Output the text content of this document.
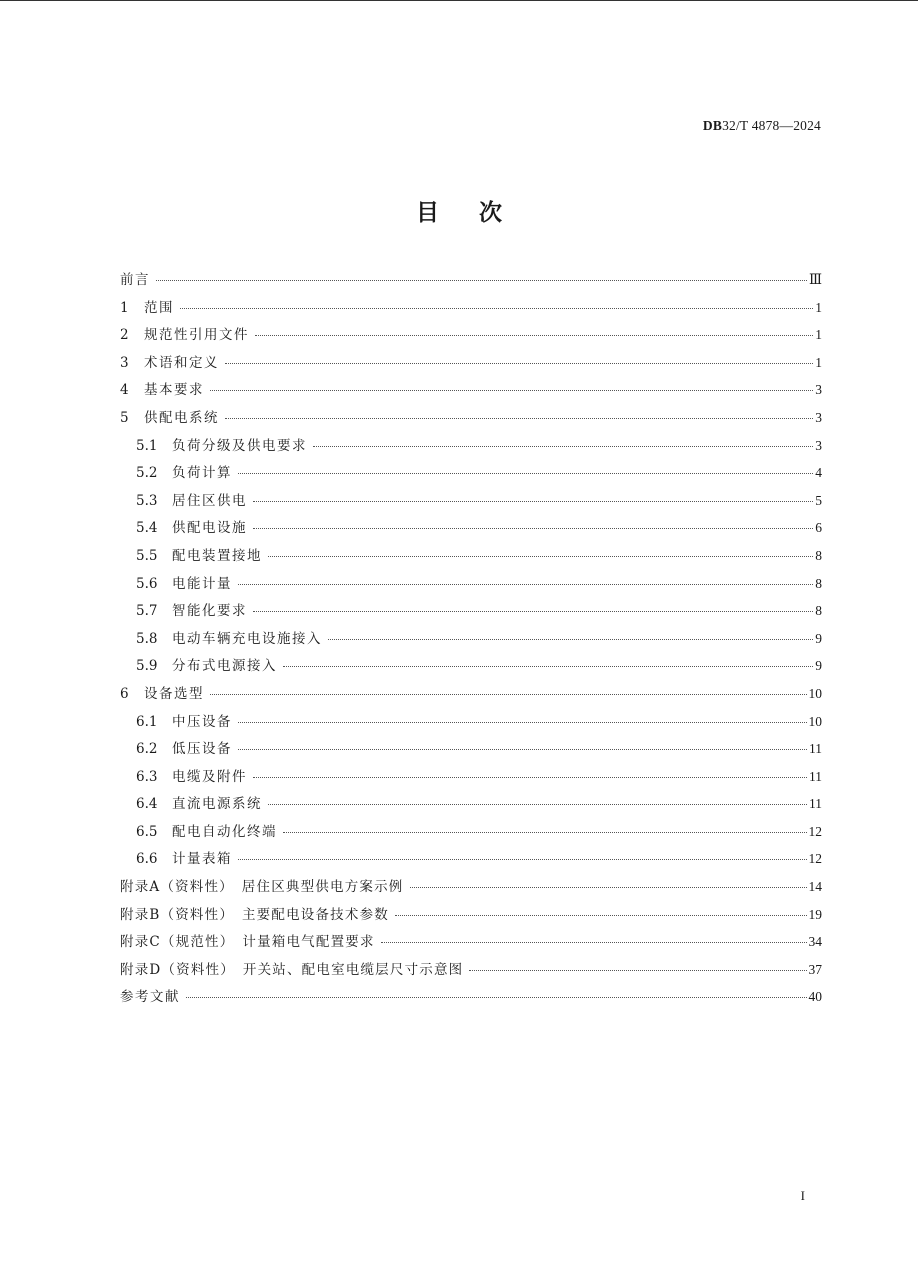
DB32/T 4878—2024
目次
前言	Ⅲ
1	范围	1
2	规范性引用文件	1
3	术语和定义	1
4	基本要求	3
5	供配电系统	3
5.1	负荷分级及供电要求	3
5.2	负荷计算	4
5.3	居住区供电	5
5.4	供配电设施	6
5.5	配电装置接地	8
5.6	电能计量	8
5.7	智能化要求	8
5.8	电动车辆充电设施接入	9
5.9	分布式电源接入	9
6	设备选型	10
6.1	中压设备	10
6.2	低压设备	11
6.3	电缆及附件	11
6.4	直流电源系统	11
6.5	配电自动化终端	12
6.6	计量表箱	12
附录A（资料性）　居住区典型供电方案示例	14
附录B（资料性）　主要配电设备技术参数	19
附录C（规范性）　计量箱电气配置要求	34
附录D（资料性）　开关站、配电室电缆层尺寸示意图	37
参考文献	40
I
